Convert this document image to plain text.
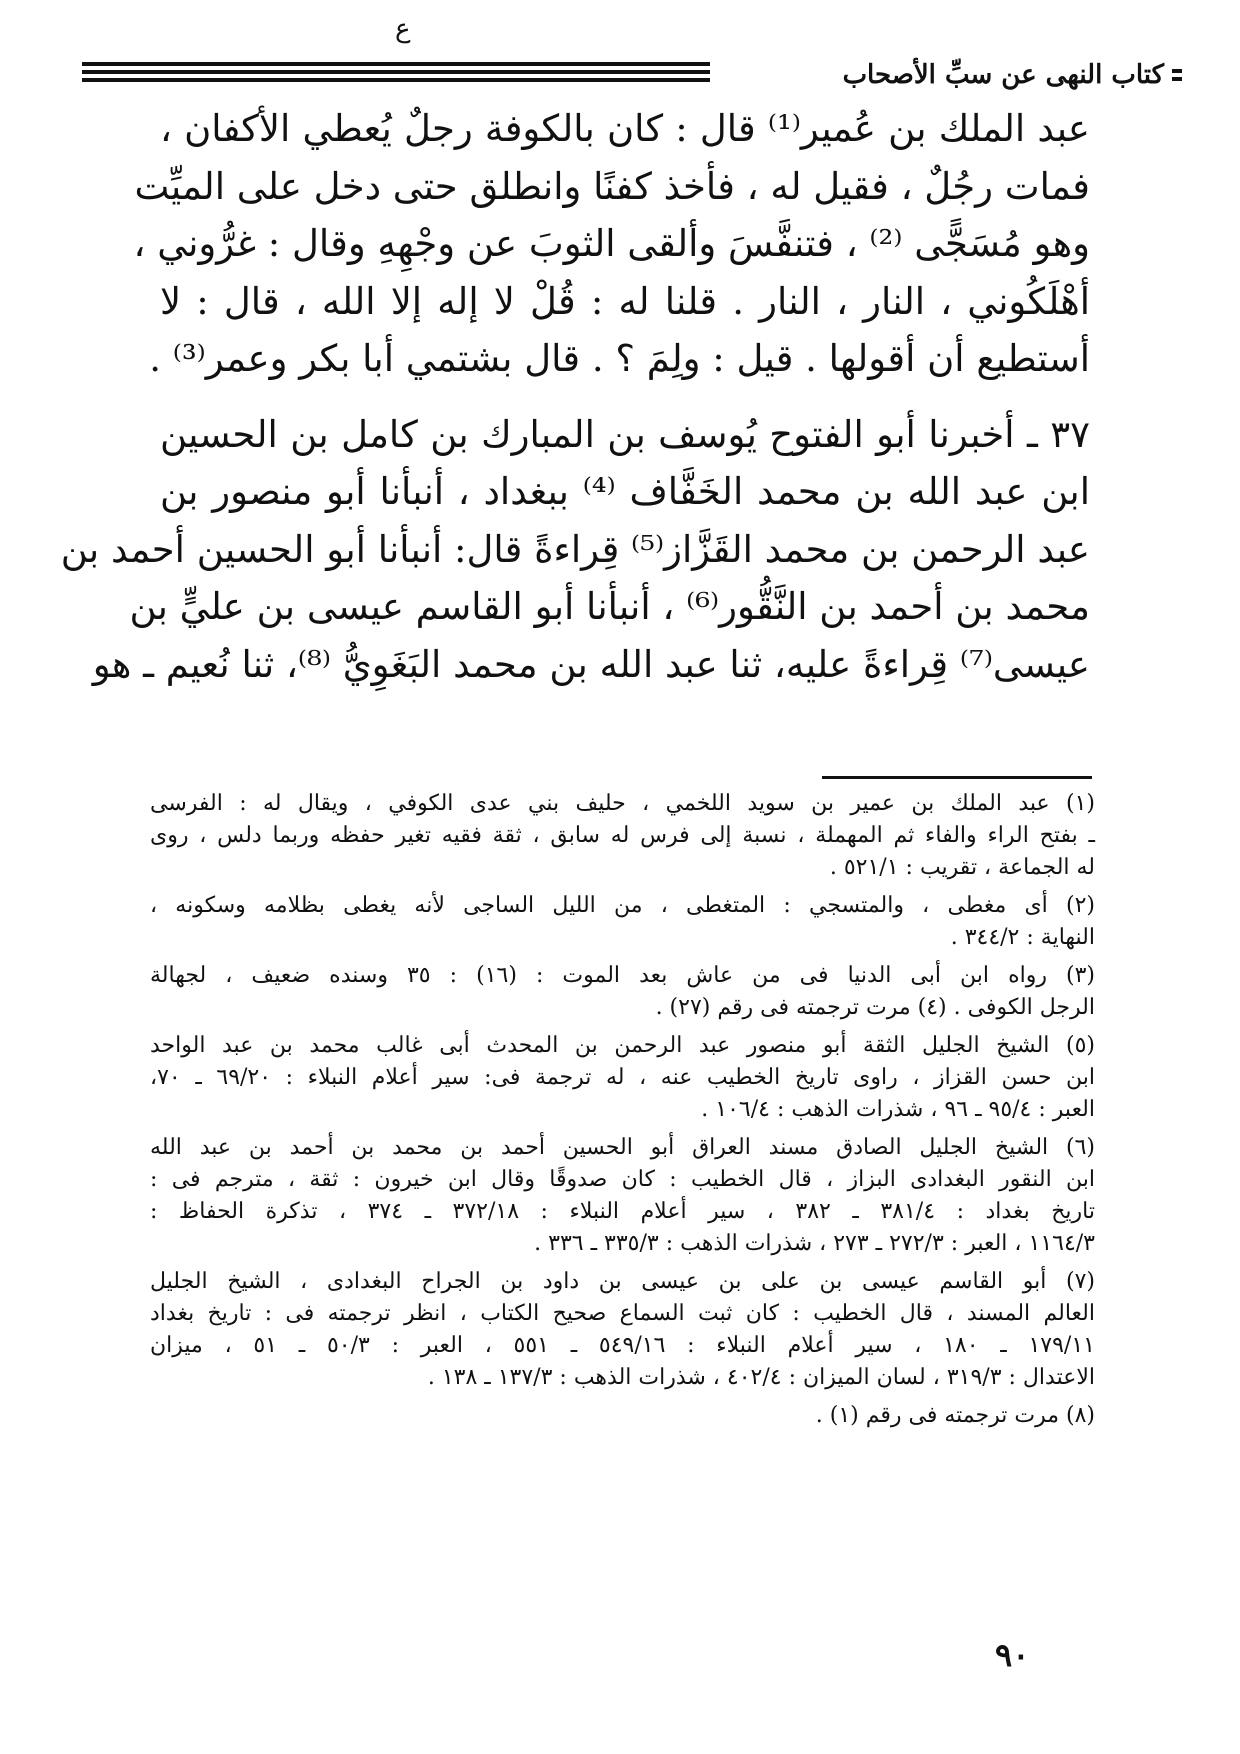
ع
كتاب النهى عن سبِّ الأصحاب
عبد الملك بن عُمير⁽¹⁾ قال : كان بالكوفة رجلٌ يُعطي الأكفان ،
فمات رجُلٌ ، فقيل له ، فأخذ كفنًا وانطلق حتى دخل على الميِّت
وهو مُسَجًّى ⁽²⁾ ، فتنفَّسَ وألقى الثوبَ عن وجْهِهِ وقال : غرُّوني ،
أهْلَكُوني ، النار ، النار . قلنا له : قُلْ لا إله إلا الله ، قال : لا
أستطيع أن أقولها . قيل : ولِمَ ؟ . قال بشتمي أبا بكر وعمر⁽³⁾ .
٣٧ ـ أخبرنا أبو الفتوح يُوسف بن المبارك بن كامل بن الحسين
ابن عبد الله بن محمد الخَفَّاف ⁽⁴⁾ ببغداد ، أنبأنا أبو منصور بن
عبد الرحمن بن محمد القَزَّاز⁽⁵⁾ قِراءةً قال: أنبأنا أبو الحسين أحمد بن
محمد بن أحمد بن النَّقُّور⁽⁶⁾ ، أنبأنا أبو القاسم عيسى بن عليٍّ بن
عيسى⁽⁷⁾ قِراءةً عليه، ثنا عبد الله بن محمد البَغَوِيُّ ⁽⁸⁾، ثنا نُعيم ـ هو
(١) عبد الملك بن عمير بن سويد اللخمي ، حليف بني عدى الكوفي ، ويقال له : الفرسى
ـ بفتح الراء والفاء ثم المهملة ، نسبة إلى فرس له سابق ، ثقة فقيه تغير حفظه وربما دلس ، روى
له الجماعة ، تقريب : ٥٢١/١ .
(٢) أى مغطى ، والمتسجي : المتغطى ، من الليل الساجى لأنه يغطى بظلامه وسكونه ،
النهاية : ٣٤٤/٢ .
(٣) رواه ابن أبى الدنيا فى من عاش بعد الموت : (١٦) : ٣٥ وسنده ضعيف ، لجهالة
الرجل الكوفى . (٤) مرت ترجمته فى رقم (٢٧) .
(٥) الشيخ الجليل الثقة أبو منصور عبد الرحمن بن المحدث أبى غالب محمد بن عبد الواحد
ابن حسن القزاز ، راوى تاريخ الخطيب عنه ، له ترجمة فى: سير أعلام النبلاء : ٦٩/٢٠ ـ ٧٠،
العبر : ٩٥/٤ ـ ٩٦ ، شذرات الذهب : ١٠٦/٤ .
(٦) الشيخ الجليل الصادق مسند العراق أبو الحسين أحمد بن محمد بن أحمد بن عبد الله
ابن النقور البغدادى البزاز ، قال الخطيب : كان صدوقًا وقال ابن خيرون : ثقة ، مترجم فى :
تاريخ بغداد : ٣٨١/٤ ـ ٣٨٢ ، سير أعلام النبلاء : ٣٧٢/١٨ ـ ٣٧٤ ، تذكرة الحفاظ :
١١٦٤/٣ ، العبر : ٢٧٢/٣ ـ ٢٧٣ ، شذرات الذهب : ٣٣٥/٣ ـ ٣٣٦ .
(٧) أبو القاسم عيسى بن على بن عيسى بن داود بن الجراح البغدادى ، الشيخ الجليل
العالم المسند ، قال الخطيب : كان ثبت السماع صحيح الكتاب ، انظر ترجمته فى : تاريخ بغداد
١٧٩/١١ ـ ١٨٠ ، سير أعلام النبلاء : ٥٤٩/١٦ ـ ٥٥١ ، العبر : ٥٠/٣ ـ ٥١ ، ميزان
الاعتدال : ٣١٩/٣ ، لسان الميزان : ٤٠٢/٤ ، شذرات الذهب : ١٣٧/٣ ـ ١٣٨ .
(٨) مرت ترجمته فى رقم (١) .
٩٠
